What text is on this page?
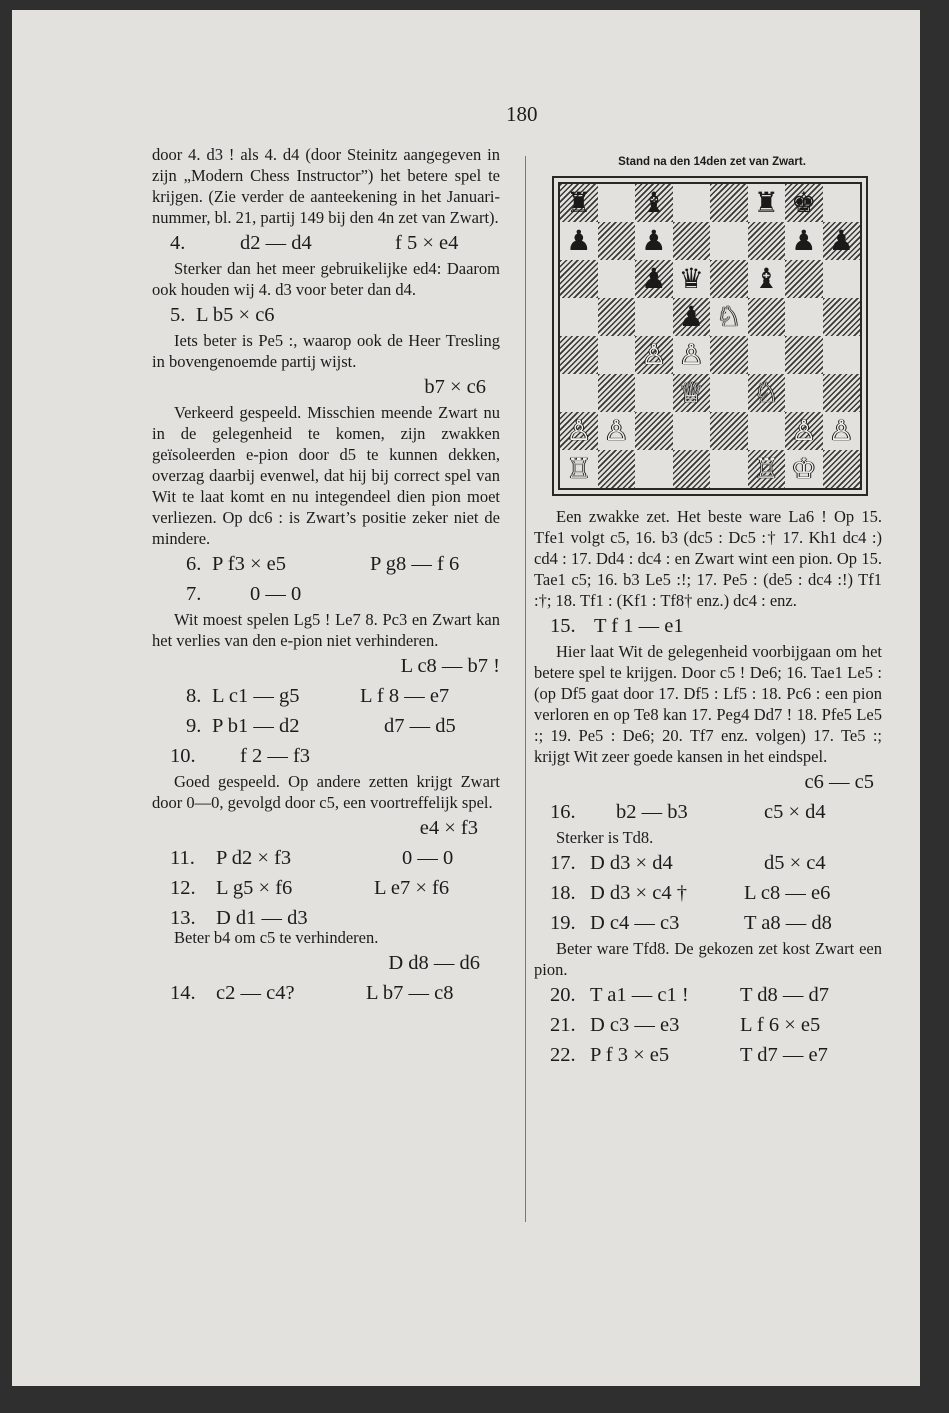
180

door 4. d3 ! als 4. d4 (door Steinitz aangegeven in zijn „Modern Chess Instructor”) het betere spel te krijgen. (Zie verder de aanteekening in het Januari-nummer, bl. 21, partij 149 bij den 4n zet van Zwart).

4.	d2 — d4	f 5 × e4

Sterker dan het meer gebruikelijke ed4: Daarom ook houden wij 4. d3 voor beter dan d4.

5. L b5 × c6

Iets beter is Pe5 :, waarop ook de Heer Tresling in bovengenoemde partij wijst.

b7 × c6

Verkeerd gespeeld. Misschien meende Zwart nu in de gelegenheid te komen, zijn zwakken geïsoleerden e-pion door d5 te kunnen dekken, overzag daarbij evenwel, dat hij bij correct spel van Wit te laat komt en nu integendeel dien pion moet verliezen. Op dc6 : is Zwart’s positie zeker niet de mindere.

6. P f3 × e5	P g8 — f 6
7. 0 — 0

Wit moest spelen Lg5 ! Le7 8. Pc3 en Zwart kan het verlies van den e-pion niet verhinderen.

L c8 — b7 !
8. L c1 — g5	L f 8 — e7
9. P b1 — d2	d7 — d5
10. f 2 — f3

Goed gespeeld. Op andere zetten krijgt Zwart door 0—0, gevolgd door c5, een voortreffelijk spel.

e4 × f3
11. P d2 × f3	0 — 0
12. L g5 × f6	L e7 × f6
13. D d1 — d3

Beter b4 om c5 te verhinderen.

D d8 — d6
14. c2 — c4?	L b7 — c8
Stand na den 14den zet van Zwart.
♜ ♝	♜ ♚
♟ ♟	♟ ♟
♟ ♛ ♝
♟ ♘
♙ ♙
♕ ♘
♙ ♙	♙ ♙
♖	♖ ♔

Een zwakke zet. Het beste ware La6 ! Op 15. Tfe1 volgt c5, 16. b3 (dc5 : Dc5 :† 17. Kh1 dc4 :) cd4 : 17. Dd4 : dc4 : en Zwart wint een pion. Op 15. Tae1 c5; 16. b3 Le5 :!; 17. Pe5 : (de5 : dc4 :!) Tf1 :†; 18. Tf1 : (Kf1 : Tf8† enz.) dc4 : enz.

15. T f 1 — e1

Hier laat Wit de gelegenheid voorbijgaan om het betere spel te krijgen. Door c5 ! De6; 16. Tae1 Le5 : (op Df5 gaat door 17. Df5 : Lf5 : 18. Pc6 : een pion verloren en op Te8 kan 17. Peg4 Dd7 ! 18. Pfe5 Le5 :; 19. Pe5 : De6; 20. Tf7 enz. volgen) 17. Te5 :; krijgt Wit zeer goede kansen in het eindspel.

c6 — c5
16. b2 — b3	c5 × d4

Sterker is Td8.

17. D d3 × d4	d5 × c4
18. D d3 × c4 †	L c8 — e6
19. D c4 — c3	T a8 — d8

Beter ware Tfd8. De gekozen zet kost Zwart een pion.

20. T a1 — c1 !	T d8 — d7
21. D c3 — e3	L f 6 × e5
22. P f 3 × e5	T d7 — e7
